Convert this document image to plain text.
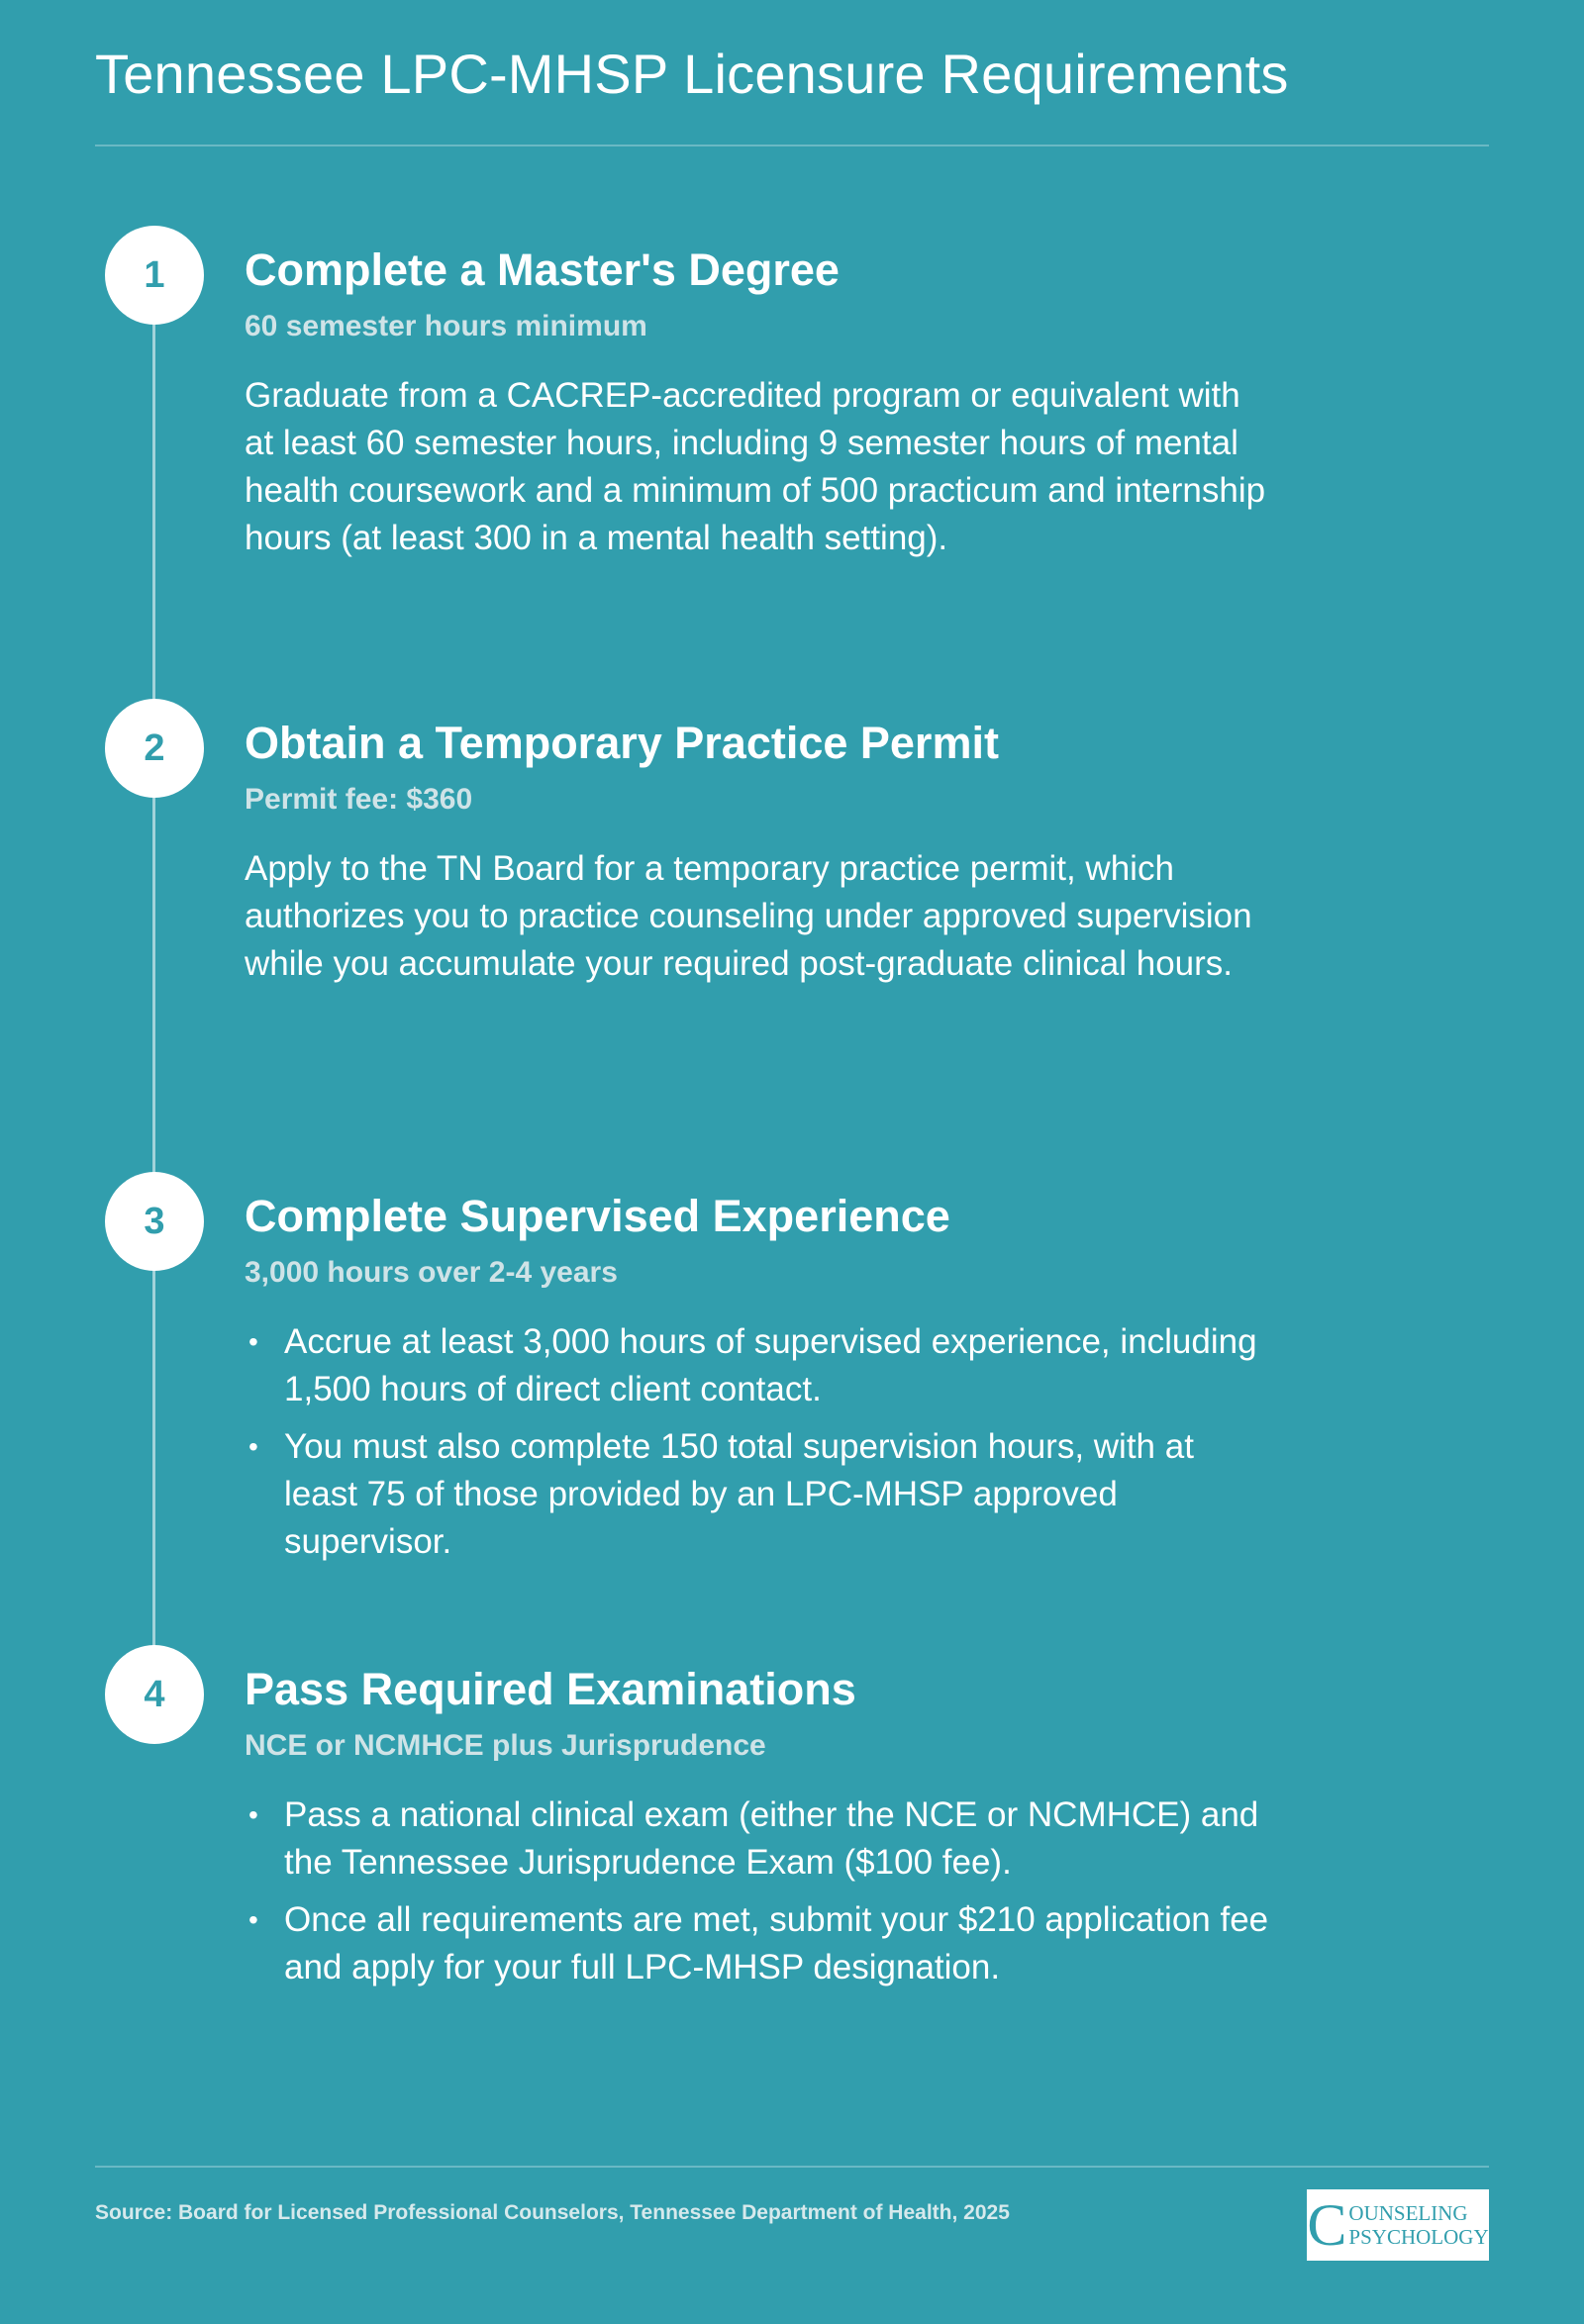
Tennessee LPC-MHSP Licensure Requirements
1	Complete a Master's Degree
60 semester hours minimum
Graduate from a CACREP-accredited program or equivalent with at least 60 semester hours, including 9 semester hours of mental health coursework and a minimum of 500 practicum and internship hours (at least 300 in a mental health setting).
2	Obtain a Temporary Practice Permit
Permit fee: $360
Apply to the TN Board for a temporary practice permit, which authorizes you to practice counseling under approved supervision while you accumulate your required post-graduate clinical hours.
3	Complete Supervised Experience
3,000 hours over 2-4 years
• Accrue at least 3,000 hours of supervised experience, including 1,500 hours of direct client contact.
• You must also complete 150 total supervision hours, with at least 75 of those provided by an LPC-MHSP approved supervisor.
4	Pass Required Examinations
NCE or NCMHCE plus Jurisprudence
• Pass a national clinical exam (either the NCE or NCMHCE) and the Tennessee Jurisprudence Exam ($100 fee).
• Once all requirements are met, submit your $210 application fee and apply for your full LPC-MHSP designation.
Source: Board for Licensed Professional Counselors, Tennessee Department of Health, 2025	C OUNSELING
PSYCHOLOGY
